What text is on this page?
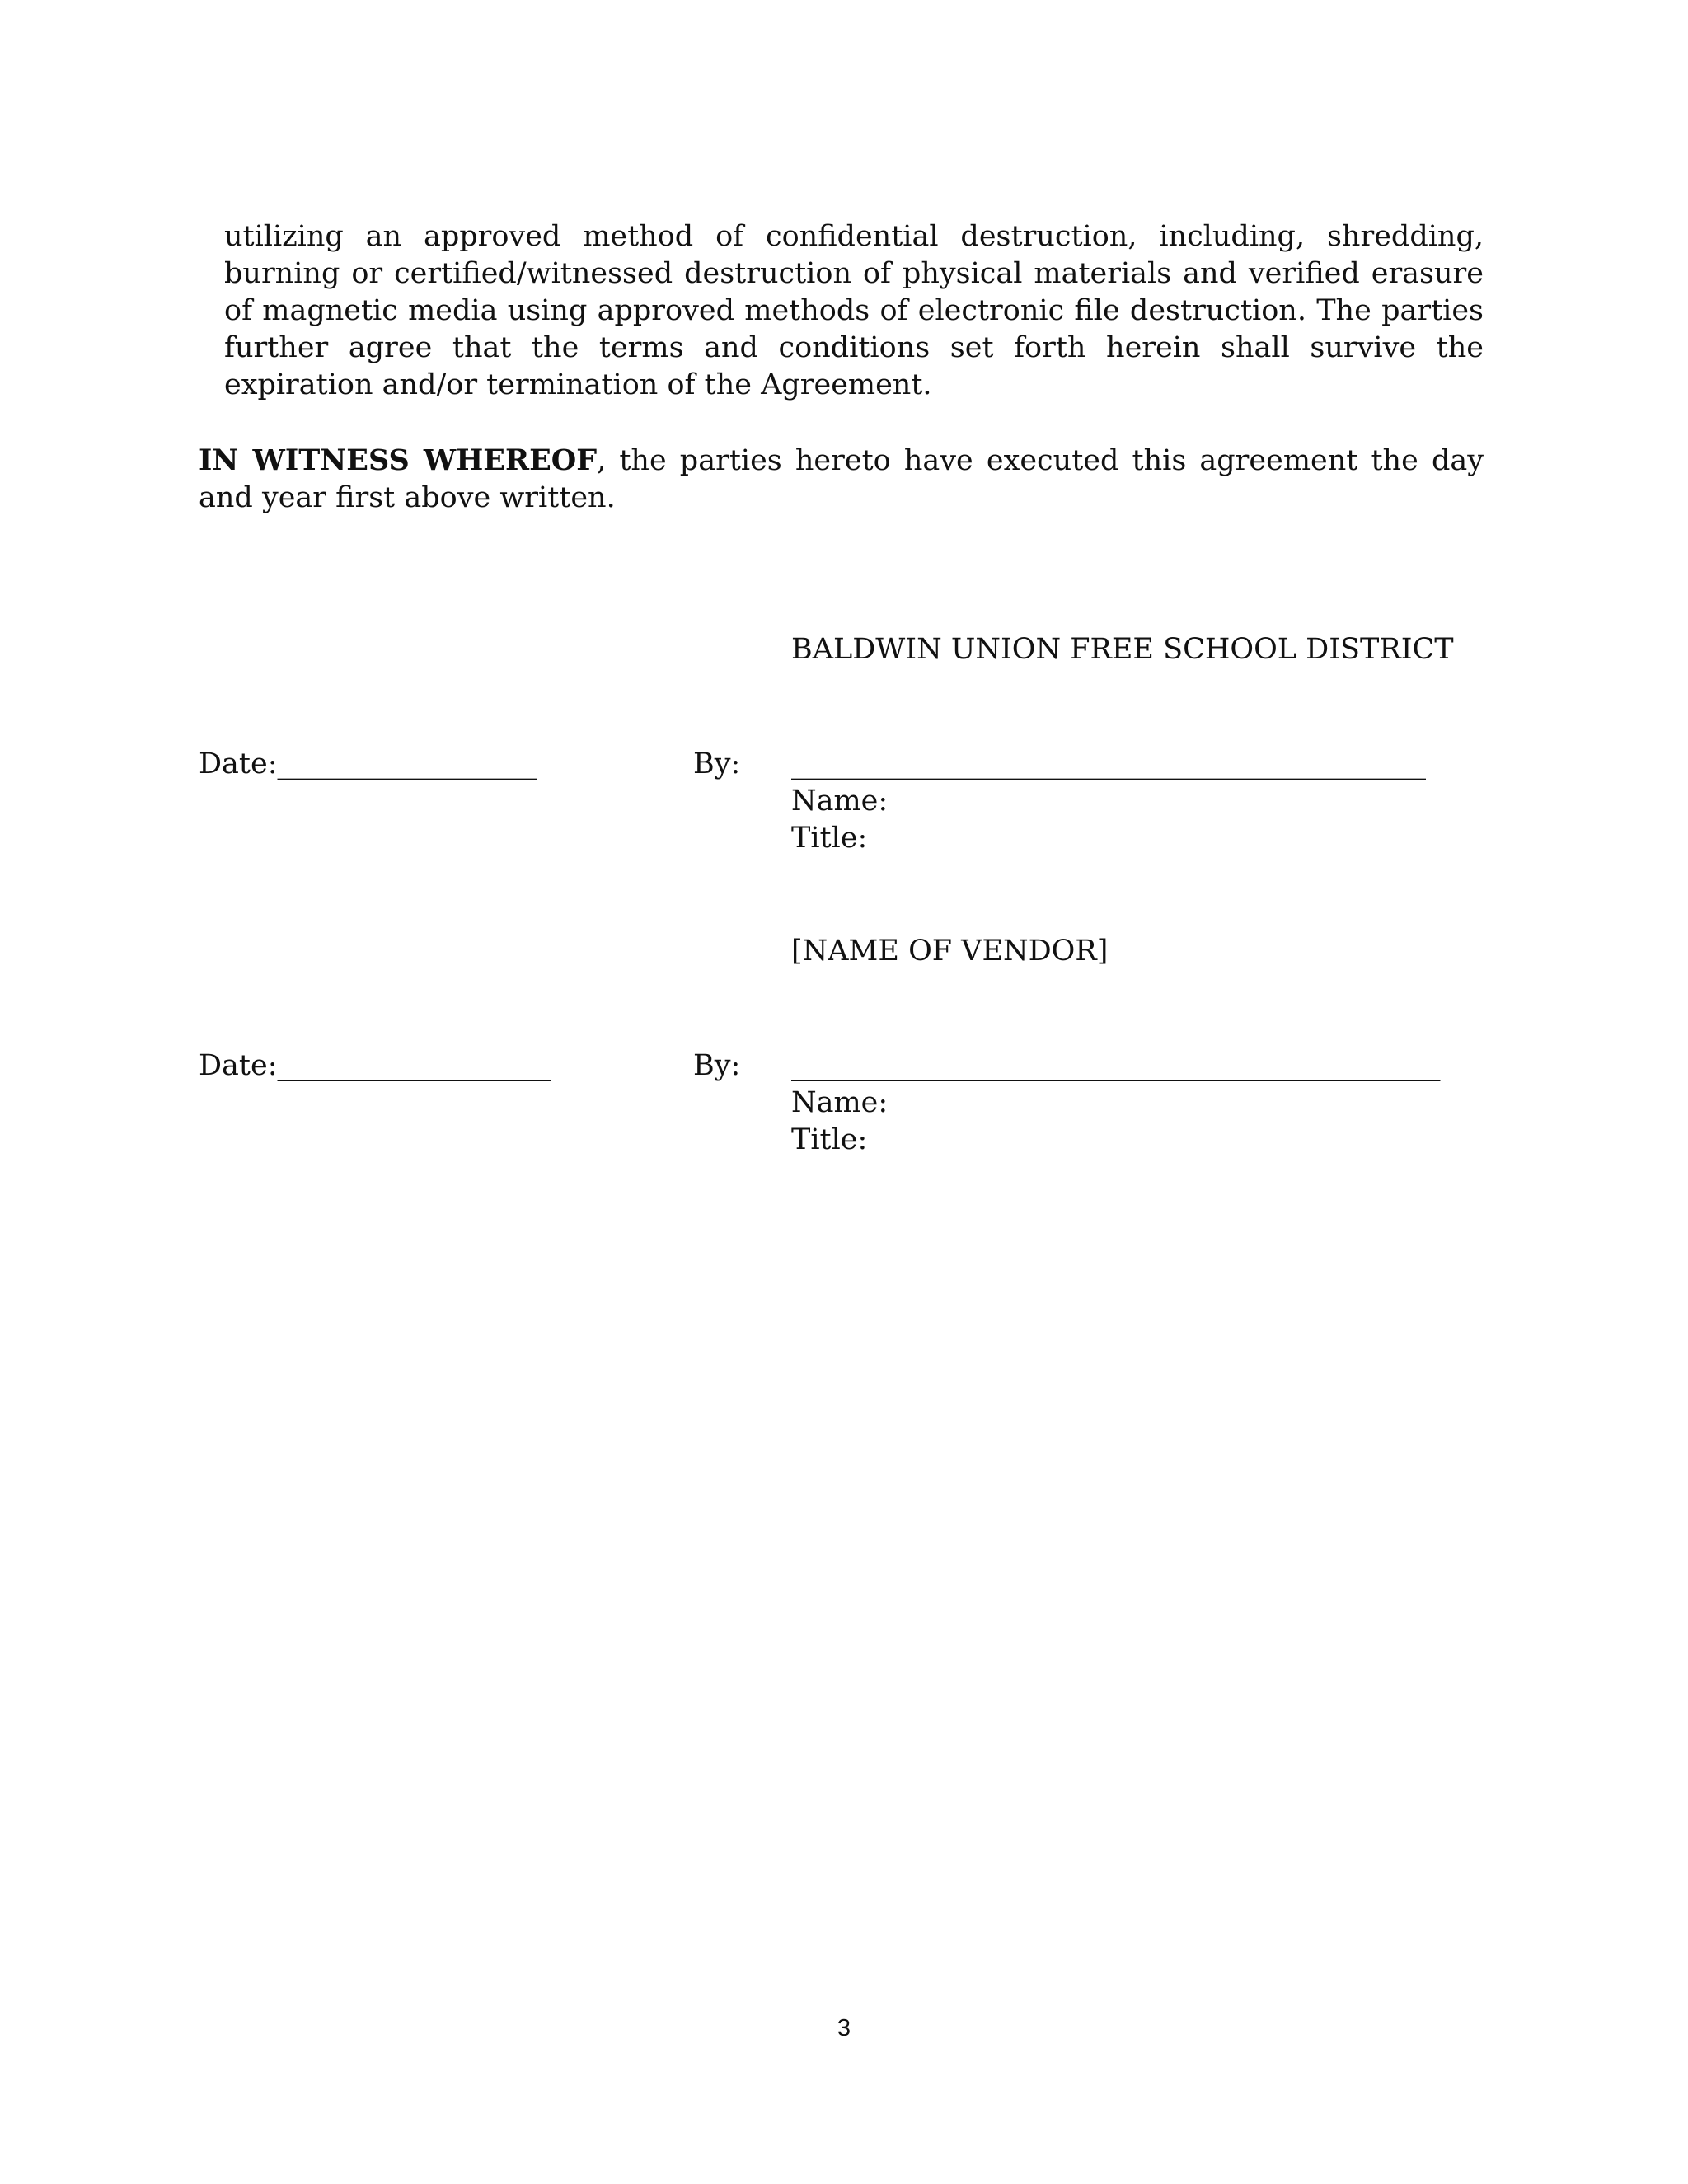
utilizing an approved method of confidential destruction, including, shredding, burning or certified/witnessed destruction of physical materials and verified erasure of magnetic media using approved methods of electronic file destruction. The parties further agree that the terms and conditions set forth herein shall survive the expiration and/or termination of the Agreement.

IN WITNESS WHEREOF, the parties hereto have executed this agreement the day and year first above written.

BALDWIN UNION FREE SCHOOL DISTRICT
Date:__________________	By: ____________________________________________
Name:
Title:
[NAME OF VENDOR]
Date:___________________	By: _____________________________________________
Name:
Title:
3
